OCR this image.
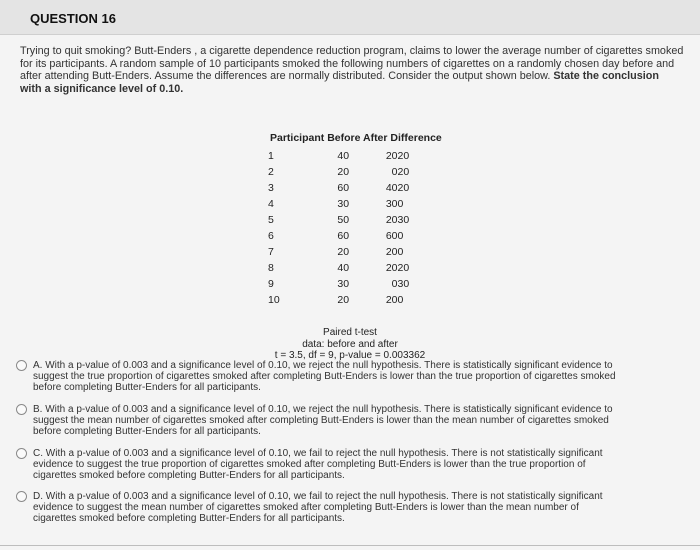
QUESTION 16
Trying to quit smoking? Butt-Enders , a cigarette dependence reduction program, claims to lower the average number of cigarettes smoked
for its participants. A random sample of 10 participants smoked the following numbers of cigarettes on a randomly chosen day before and
after attending Butt-Enders. Assume the differences are normally distributed. Consider the output shown below. State the conclusion
with a significance level of 0.10.
Participant Before After Difference			
1	40	20	20
2	20	0	20
3	60	40	20
4	30	30	0
5	50	20	30
6	60	60	0
7	20	20	0
8	40	20	20
9	30	0	30
10	20	20	0
Paired t-test
data: before and after
t = 3.5, df = 9, p-value = 0.003362
A. With a p-value of 0.003 and a significance level of 0.10, we reject the null hypothesis. There is statistically significant evidence to
suggest the true proportion of cigarettes smoked after completing Butt-Enders is lower than the true proportion of cigarettes smoked
before completing Butter-Enders for all participants.
B. With a p-value of 0.003 and a significance level of 0.10, we reject the null hypothesis. There is statistically significant evidence to
suggest the mean number of cigarettes smoked after completing Butt-Enders is lower than the mean number of cigarettes smoked
before completing Butter-Enders for all participants.
C. With a p-value of 0.003 and a significance level of 0.10, we fail to reject the null hypothesis. There is not statistically significant
evidence to suggest the true proportion of cigarettes smoked after completing Butt-Enders is lower than the true proportion of
cigarettes smoked before completing Butter-Enders for all participants.
D. With a p-value of 0.003 and a significance level of 0.10, we fail to reject the null hypothesis. There is not statistically significant
evidence to suggest the mean number of cigarettes smoked after completing Butt-Enders is lower than the mean number of
cigarettes smoked before completing Butter-Enders for all participants.
